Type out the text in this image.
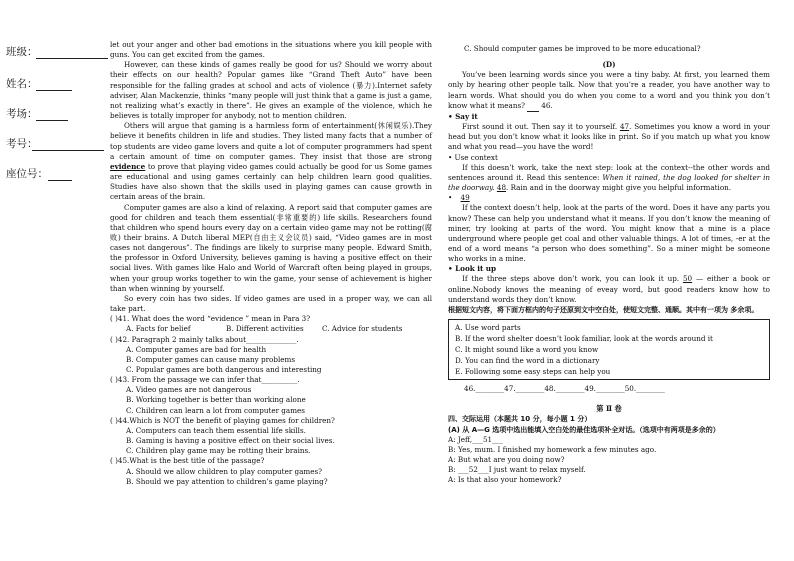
班级：
姓名：
考场：
考号：
座位号：
let out your anger and other bad emotions in the situations where you kill people with guns. You can get excited from the games.
However, can these kinds of games really be good for us? Should we worry about their effects on our health? Popular games like “Grand Theft Auto” have been responsible for the falling grades at school and acts of violence (暴力).Internet safety adviser, Alan Mackenzie, thinks “many people will just think that a game is just a game, not realizing what’s exactly in there”. He gives an example of the violence, which he believes is totally improper for anybody, not to mention children.
Others will argue that gaming is a harmless form of entertainment(休闲娱乐).They believe it benefits children in life and studies. They listed many facts that a number of top students are video game lovers and quite a lot of computer programmers had spent a certain amount of time on computer games. They insist that those are strong evidence to prove that playing video games could actually be good for us Some games are educational and using games certainly can help children learn good qualities. Studies have also shown that the skills used in playing games can cause growth in certain areas of the brain.
Computer games are also a kind of relaxing. A report said that computer games are good for children and teach them essential(非常重要的) life skills. Researchers found that children who spend hours every day on a certain video game may not be rotting(腐败) their brains. A Dutch liberal MEP(自由主义会议员) said, “Video games are in most cases not dangerous”. The findings are likely to surprise many people. Edward Smith, the professor in Oxford University, believes gaming is having a positive effect on their social lives. With games like Halo and World of Warcraft often being played in groups, when your group works together to win the game, your sense of achievement is higher than when winning by yourself.
So every coin has two sides. If video games are used in a proper way, we can all take part.
( )41. What does the word “evidence ” mean in Para 3?
A. Facts for belief	B. Different activities	C. Advice for students
( )42. Paragraph 2 mainly talks about______________.
A. Computer games are bad for health
B. Computer games can cause many problems
C. Popular games are both dangerous and interesting
( )43. From the passage we can infer that__________.
A. Video games are not dangerous
B. Working together is better than working alone
C. Children can learn a lot from computer games
( )44.Which is NOT the benefit of playing games for children?
A. Computers can teach them essential life skills.
B. Gaming is having a positive effect on their social lives.
C. Children play game may be rotting their brains.
( )45.What is the best title of the passage?
A. Should we allow children to play computer games?
B. Should we pay attention to children’s game playing?
C. Should computer games be improved to be more educational?
(D)
You’ve been learning words since you were a tiny baby. At first, you learned them only by hearing other people talk. Now that you’re a reader, you have another way to learn words. What should you do when you come to a word and you think you don’t know what it means? 46.
• Say it
First sound it out. Then say it to yourself. 47. Sometimes you know a word in your head but you don’t know what it looks like in print. So if you match up what you know and what you read—you have the word!
• Use context
If this doesn’t work, take the next step: look at the context--the other words and sentences around it. Read this sentence: When it rained, the dog looked for shelter in the doorway. 48. Rain and in the doorway might give you helpful information.
• 49
If the context doesn’t help, look at the parts of the word. Does it have any parts you know? These can help you understand what it means. If you don’t know the meaning of miner, try looking at parts of the word. You might know that a mine is a place underground where people get coal and other valuable things. A lot of times, -er at the end of a word means “a person who does something”. So a miner might be someone who works in a mine.
• Look it up
If the three steps above don’t work, you can look it up. 50 — either a book or online.Nobody knows the meaning of eveay word, but good readers know how to understand words they don’t know.
根据短文内容，将下面方框内的句子还原到文中空白处，使短文完整、通顺。其中有一项为 多余项。
A. Use word parts
B. If the word shelter doesn’t look familiar, look at the words around it
C. It might sound like a word you know
D. You can find the word in a dictionary
E. Following some easy steps can help you
46.________47.________48.________49.________50.________
第 Ⅱ 卷
四、交际运用（本题共 10 分，每小题 1 分）
(A) 从 A—G 选项中选出能填入空白处的最佳选项补全对话。（选项中有两项是多余的）
A: Jeff,___51___
B: Yes, mum. I finished my homework a few minutes ago.
A: But what are you doing now?
B: ___52___I just want to relax myself.
A: Is that also your homework?
